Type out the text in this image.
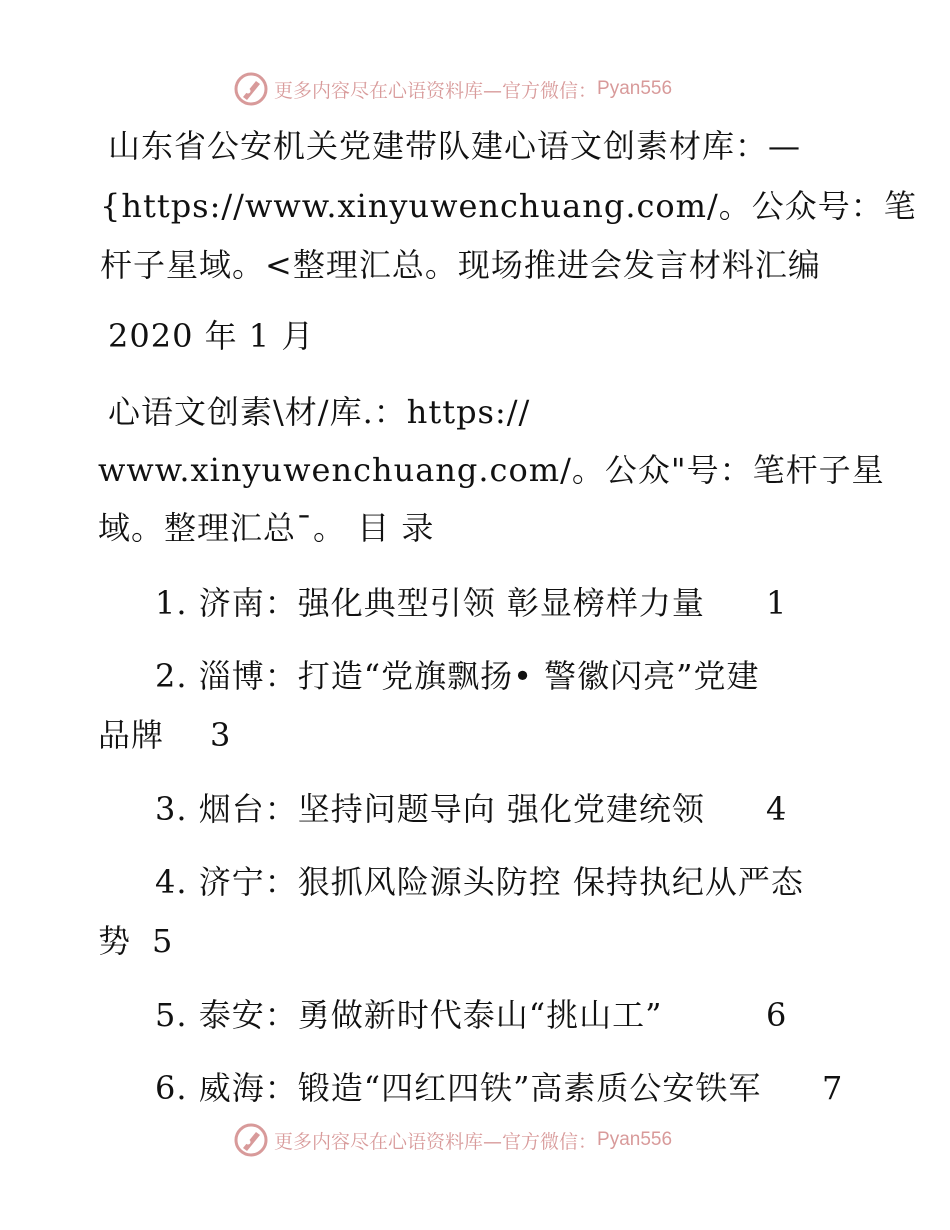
更多内容尽在心语资料库—官方微信： Pyan556
山东省公安机关党建带队建心语文创素材库：—
{https://www.xinyuwenchuang.com/。公众号：笔
杆子星域。<整理汇总。现场推进会发言材料汇编
2020 年 1 月
心语文创素\材/库.：https://
www.xinyuwenchuang.com/。公众"号：笔杆子星
域。整理汇总¯。 目 录
1. 济南：强化典型引领 彰显榜样力量 1
2. 淄博：打造“党旗飘扬• 警徽闪亮”党建
品牌 3
3. 烟台：坚持问题导向 强化党建统领 4
4. 济宁：狠抓风险源头防控 保持执纪从严态
势 5
5. 泰安：勇做新时代泰山“挑山工”	6
6. 威海：锻造“四红四铁”高素质公安铁军 7
更多内容尽在心语资料库—官方微信： Pyan556
